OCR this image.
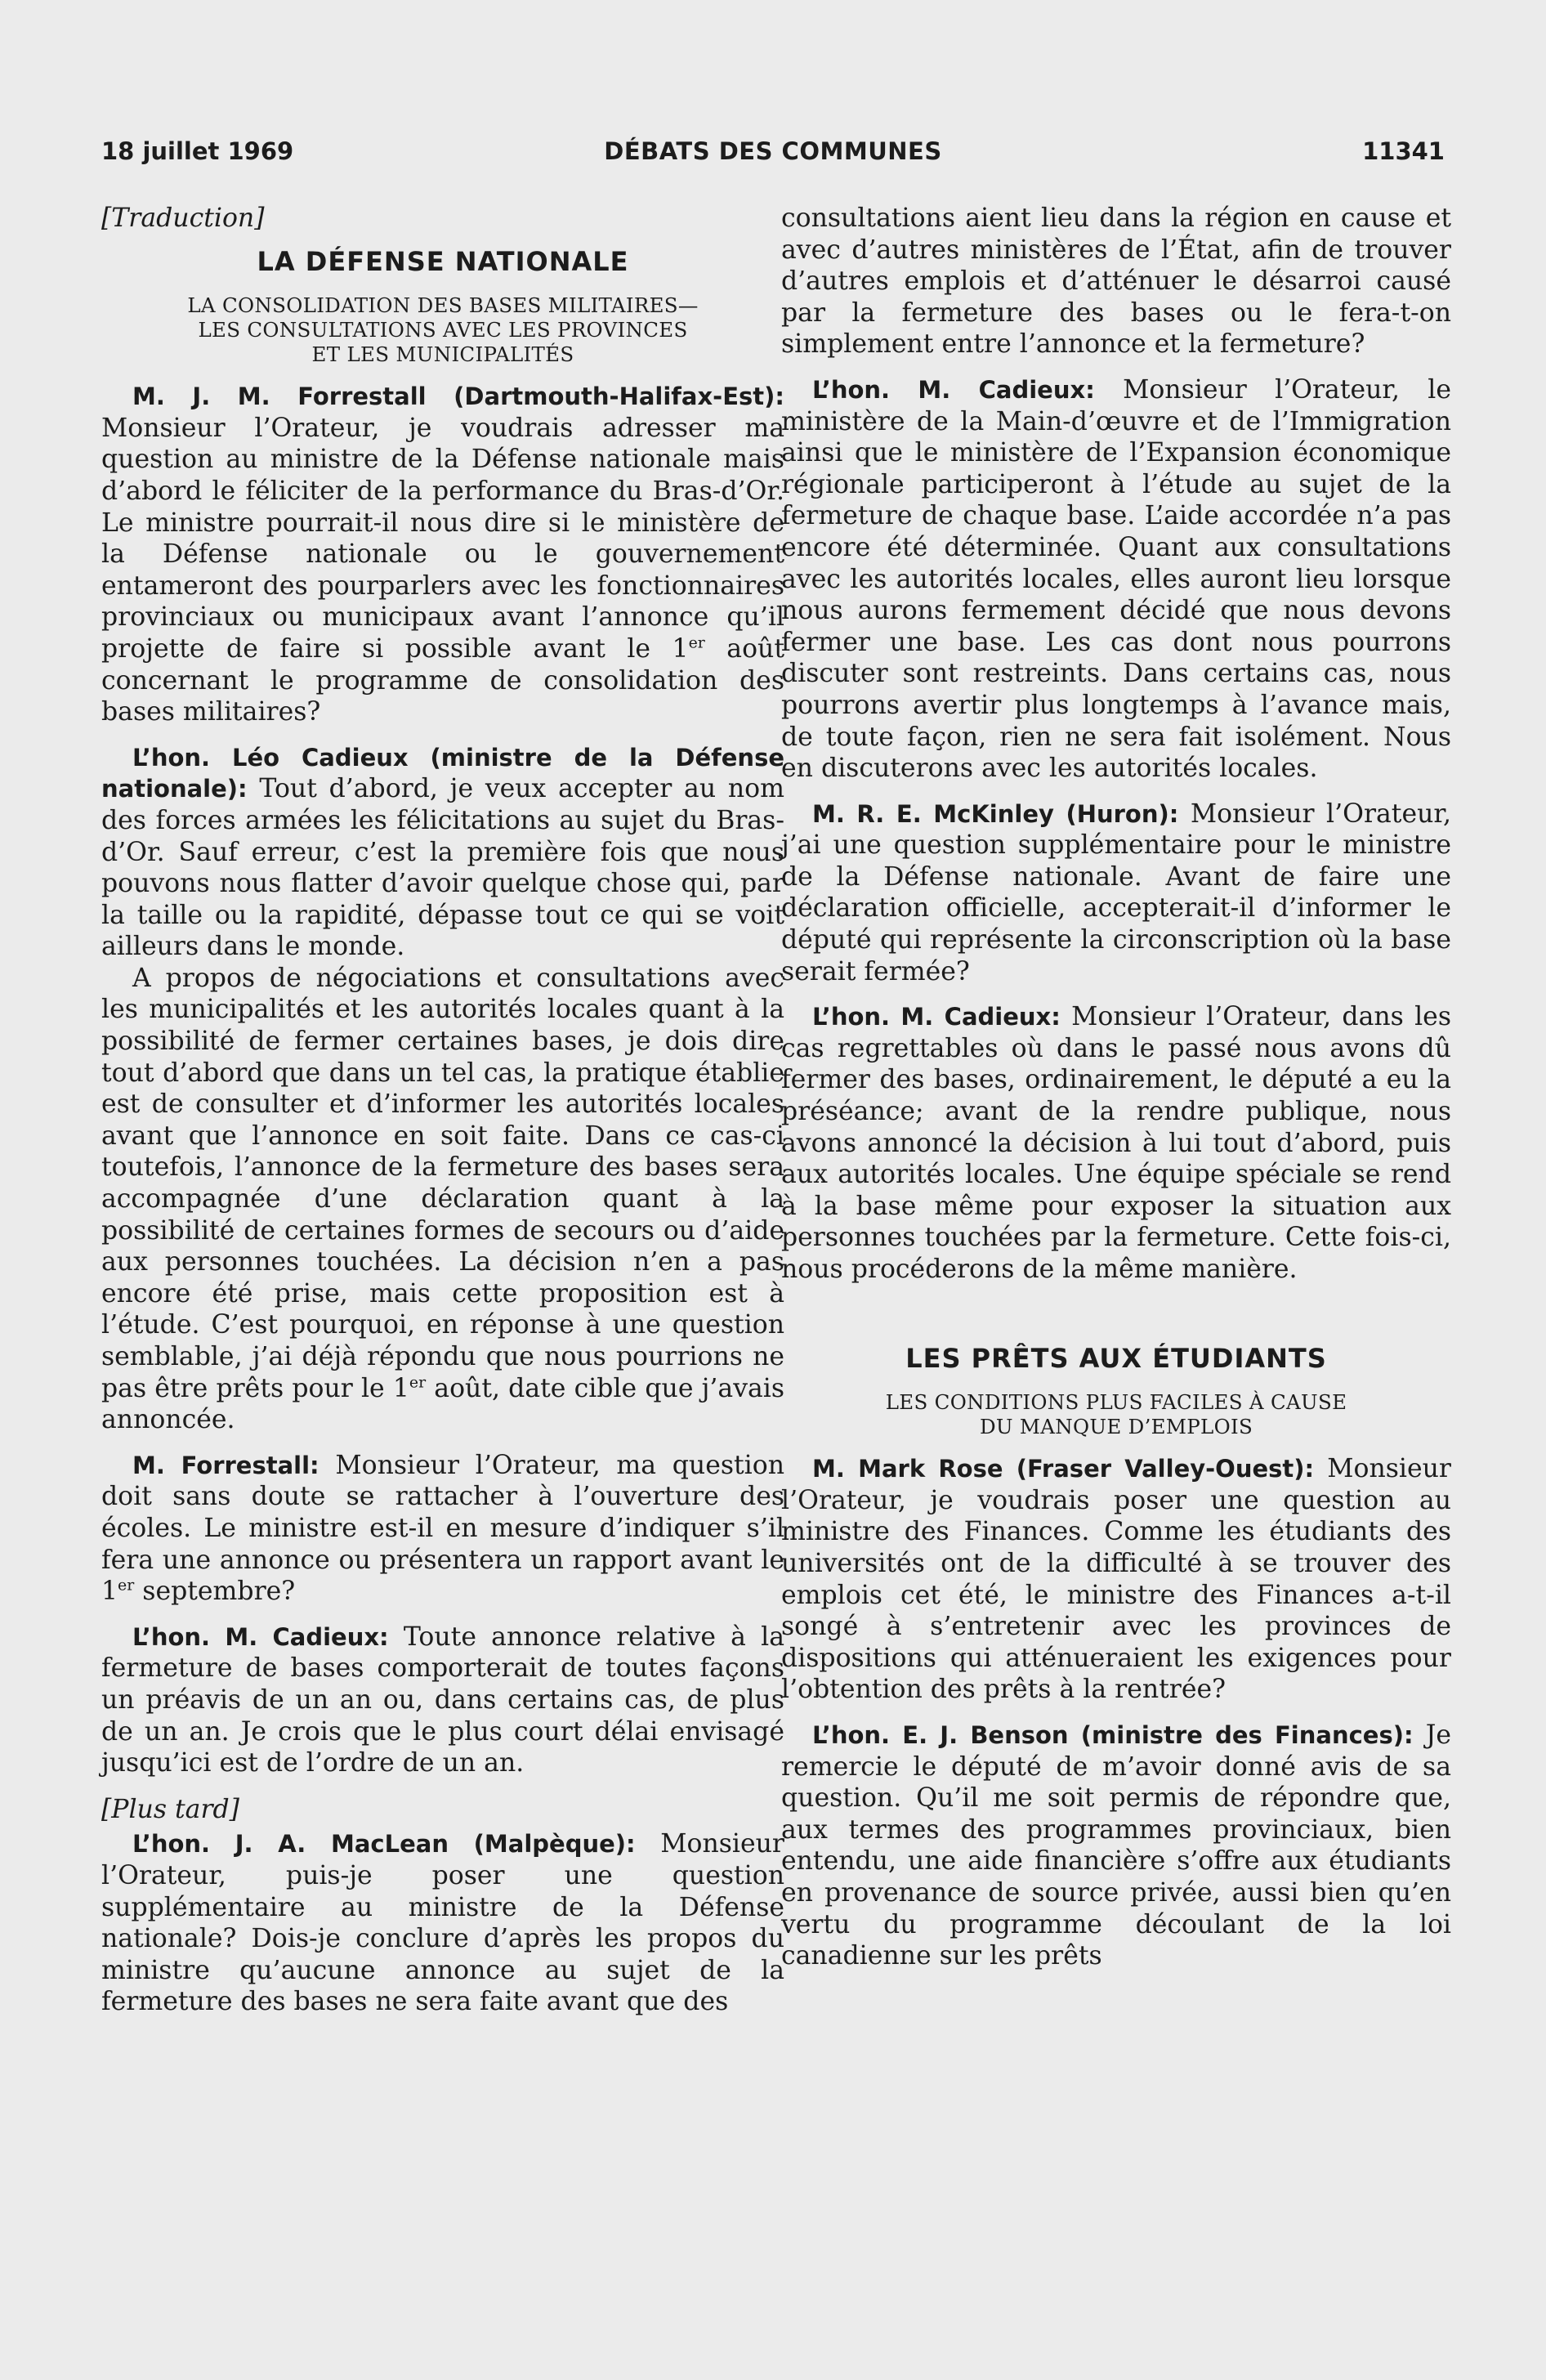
18 juillet 1969	DÉBATS DES COMMUNES	11341

[Traduction]

LA DÉFENSE NATIONALE

LA CONSOLIDATION DES BASES MILITAIRES—
LES CONSULTATIONS AVEC LES PROVINCES
ET LES MUNICIPALITÉS

M. J. M. Forrestall (Dartmouth-Halifax-Est): Monsieur l’Orateur, je voudrais adresser ma question au ministre de la Défense nationale mais d’abord le féliciter de la performance du Bras-d’Or. Le ministre pourrait-il nous dire si le ministère de la Défense nationale ou le gouvernement entameront des pourparlers avec les fonctionnaires provinciaux ou municipaux avant l’annonce qu’il projette de faire si possible avant le 1er août concernant le programme de consolidation des bases militaires?

L’hon. Léo Cadieux (ministre de la Défense nationale): Tout d’abord, je veux accepter au nom des forces armées les félicitations au sujet du Bras-d’Or. Sauf erreur, c’est la première fois que nous pouvons nous flatter d’avoir quelque chose qui, par la taille ou la rapidité, dépasse tout ce qui se voit ailleurs dans le monde.

A propos de négociations et consultations avec les municipalités et les autorités locales quant à la possibilité de fermer certaines bases, je dois dire tout d’abord que dans un tel cas, la pratique établie est de consulter et d’informer les autorités locales avant que l’annonce en soit faite. Dans ce cas-ci toutefois, l’annonce de la fermeture des bases sera accompagnée d’une déclaration quant à la possibilité de certaines formes de secours ou d’aide aux personnes touchées. La décision n’en a pas encore été prise, mais cette proposition est à l’étude. C’est pourquoi, en réponse à une question semblable, j’ai déjà répondu que nous pourrions ne pas être prêts pour le 1er août, date cible que j’avais annoncée.

M. Forrestall: Monsieur l’Orateur, ma question doit sans doute se rattacher à l’ouverture des écoles. Le ministre est-il en mesure d’indiquer s’il fera une annonce ou présentera un rapport avant le 1er septembre?

L’hon. M. Cadieux: Toute annonce relative à la fermeture de bases comporterait de toutes façons un préavis de un an ou, dans certains cas, de plus de un an. Je crois que le plus court délai envisagé jusqu’ici est de l’ordre de un an.

[Plus tard]

L’hon. J. A. MacLean (Malpèque): Monsieur l’Orateur, puis-je poser une question supplémentaire au ministre de la Défense nationale? Dois-je conclure d’après les propos du ministre qu’aucune annonce au sujet de la fermeture des bases ne sera faite avant que des

consultations aient lieu dans la région en cause et avec d’autres ministères de l’État, afin de trouver d’autres emplois et d’atténuer le désarroi causé par la fermeture des bases ou le fera-t-on simplement entre l’annonce et la fermeture?

L’hon. M. Cadieux: Monsieur l’Orateur, le ministère de la Main-d’œuvre et de l’Immigration ainsi que le ministère de l’Expansion économique régionale participeront à l’étude au sujet de la fermeture de chaque base. L’aide accordée n’a pas encore été déterminée. Quant aux consultations avec les autorités locales, elles auront lieu lorsque nous aurons fermement décidé que nous devons fermer une base. Les cas dont nous pourrons discuter sont restreints. Dans certains cas, nous pourrons avertir plus longtemps à l’avance mais, de toute façon, rien ne sera fait isolément. Nous en discuterons avec les autorités locales.

M. R. E. McKinley (Huron): Monsieur l’Orateur, j’ai une question supplémentaire pour le ministre de la Défense nationale. Avant de faire une déclaration officielle, accepterait-il d’informer le député qui représente la circonscription où la base serait fermée?

L’hon. M. Cadieux: Monsieur l’Orateur, dans les cas regrettables où dans le passé nous avons dû fermer des bases, ordinairement, le député a eu la préséance; avant de la rendre publique, nous avons annoncé la décision à lui tout d’abord, puis aux autorités locales. Une équipe spéciale se rend à la base même pour exposer la situation aux personnes touchées par la fermeture. Cette fois-ci, nous procéderons de la même manière.

LES PRÊTS AUX ÉTUDIANTS

LES CONDITIONS PLUS FACILES À CAUSE
DU MANQUE D’EMPLOIS

M. Mark Rose (Fraser Valley-Ouest): Monsieur l’Orateur, je voudrais poser une question au ministre des Finances. Comme les étudiants des universités ont de la difficulté à se trouver des emplois cet été, le ministre des Finances a-t-il songé à s’entretenir avec les provinces de dispositions qui atténueraient les exigences pour l’obtention des prêts à la rentrée?

L’hon. E. J. Benson (ministre des Finances): Je remercie le député de m’avoir donné avis de sa question. Qu’il me soit permis de répondre que, aux termes des programmes provinciaux, bien entendu, une aide financière s’offre aux étudiants en provenance de source privée, aussi bien qu’en vertu du programme découlant de la loi canadienne sur les prêts
